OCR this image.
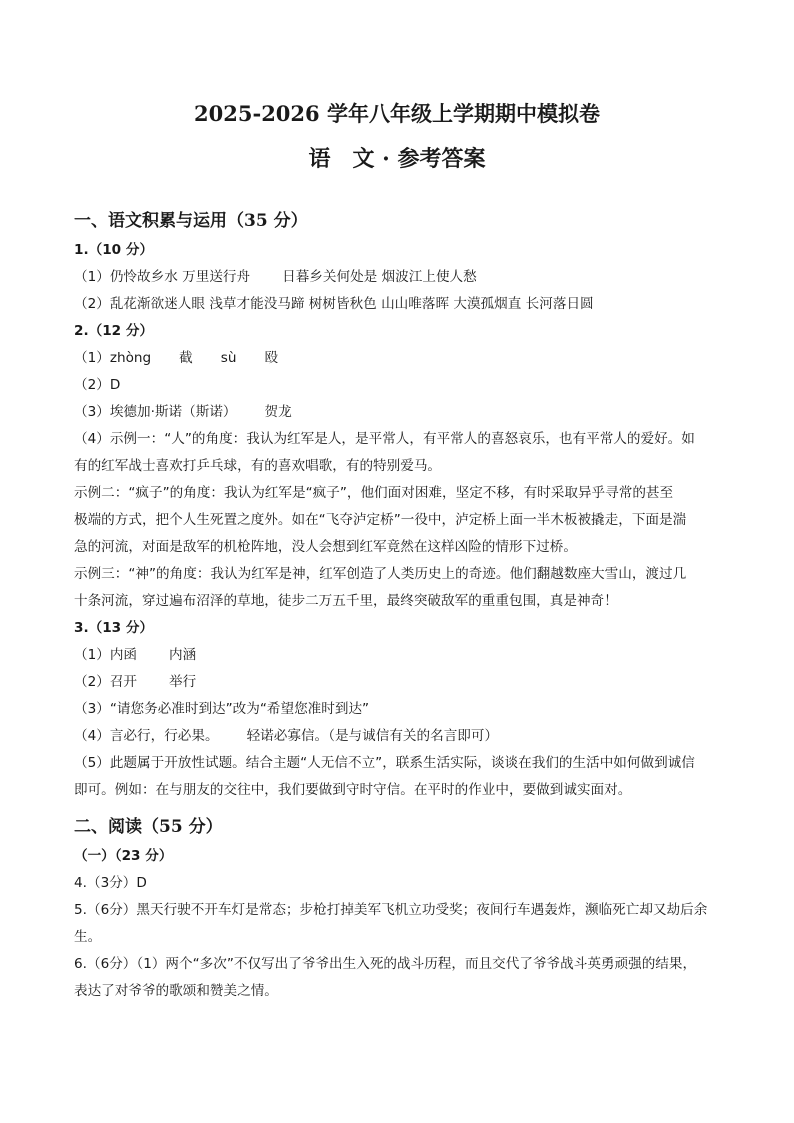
2025-2026 学年八年级上学期期中模拟卷
语　文 · 参考答案
一、语文积累与运用（35 分）
1.（10 分）
（1）仍怜故乡水 万里送行舟 日暮乡关何处是 烟波江上使人愁
（2）乱花渐欲迷人眼 浅草才能没马蹄 树树皆秋色 山山唯落晖 大漠孤烟直 长河落日圆
2.（12 分）
（1）zhòng 截 sù 殴
（2）D
（3）埃德加·斯诺（斯诺） 贺龙
（4）示例一：“人”的角度：我认为红军是人，是平常人，有平常人的喜怒哀乐，也有平常人的爱好。如
有的红军战士喜欢打乒乓球，有的喜欢唱歌，有的特别爱马。
示例二：“疯子”的角度：我认为红军是“疯子”，他们面对困难，坚定不移，有时采取异乎寻常的甚至
极端的方式，把个人生死置之度外。如在“飞夺泸定桥”一役中，泸定桥上面一半木板被撬走，下面是湍
急的河流，对面是敌军的机枪阵地，没人会想到红军竟然在这样凶险的情形下过桥。
示例三：“神”的角度：我认为红军是神，红军创造了人类历史上的奇迹。他们翻越数座大雪山，渡过几
十条河流，穿过遍布沼泽的草地，徒步二万五千里，最终突破敌军的重重包围，真是神奇！
3.（13 分）
（1）内函 内涵
（2）召开 举行
（3）“请您务必准时到达”改为“希望您准时到达”
（4）言必行，行必果。 轻诺必寡信。（是与诚信有关的名言即可）
（5）此题属于开放性试题。结合主题“人无信不立”，联系生活实际，谈谈在我们的生活中如何做到诚信
即可。例如：在与朋友的交往中，我们要做到守时守信。在平时的作业中，要做到诚实面对。
二、阅读（55 分）
（一）（23 分）
4.（3分）D
5.（6分）黑天行驶不开车灯是常态；步枪打掉美军飞机立功受奖；夜间行车遇轰炸，濒临死亡却又劫后余
生。
6.（6分）（1）两个“多次”不仅写出了爷爷出生入死的战斗历程，而且交代了爷爷战斗英勇顽强的结果，
表达了对爷爷的歌颂和赞美之情。
